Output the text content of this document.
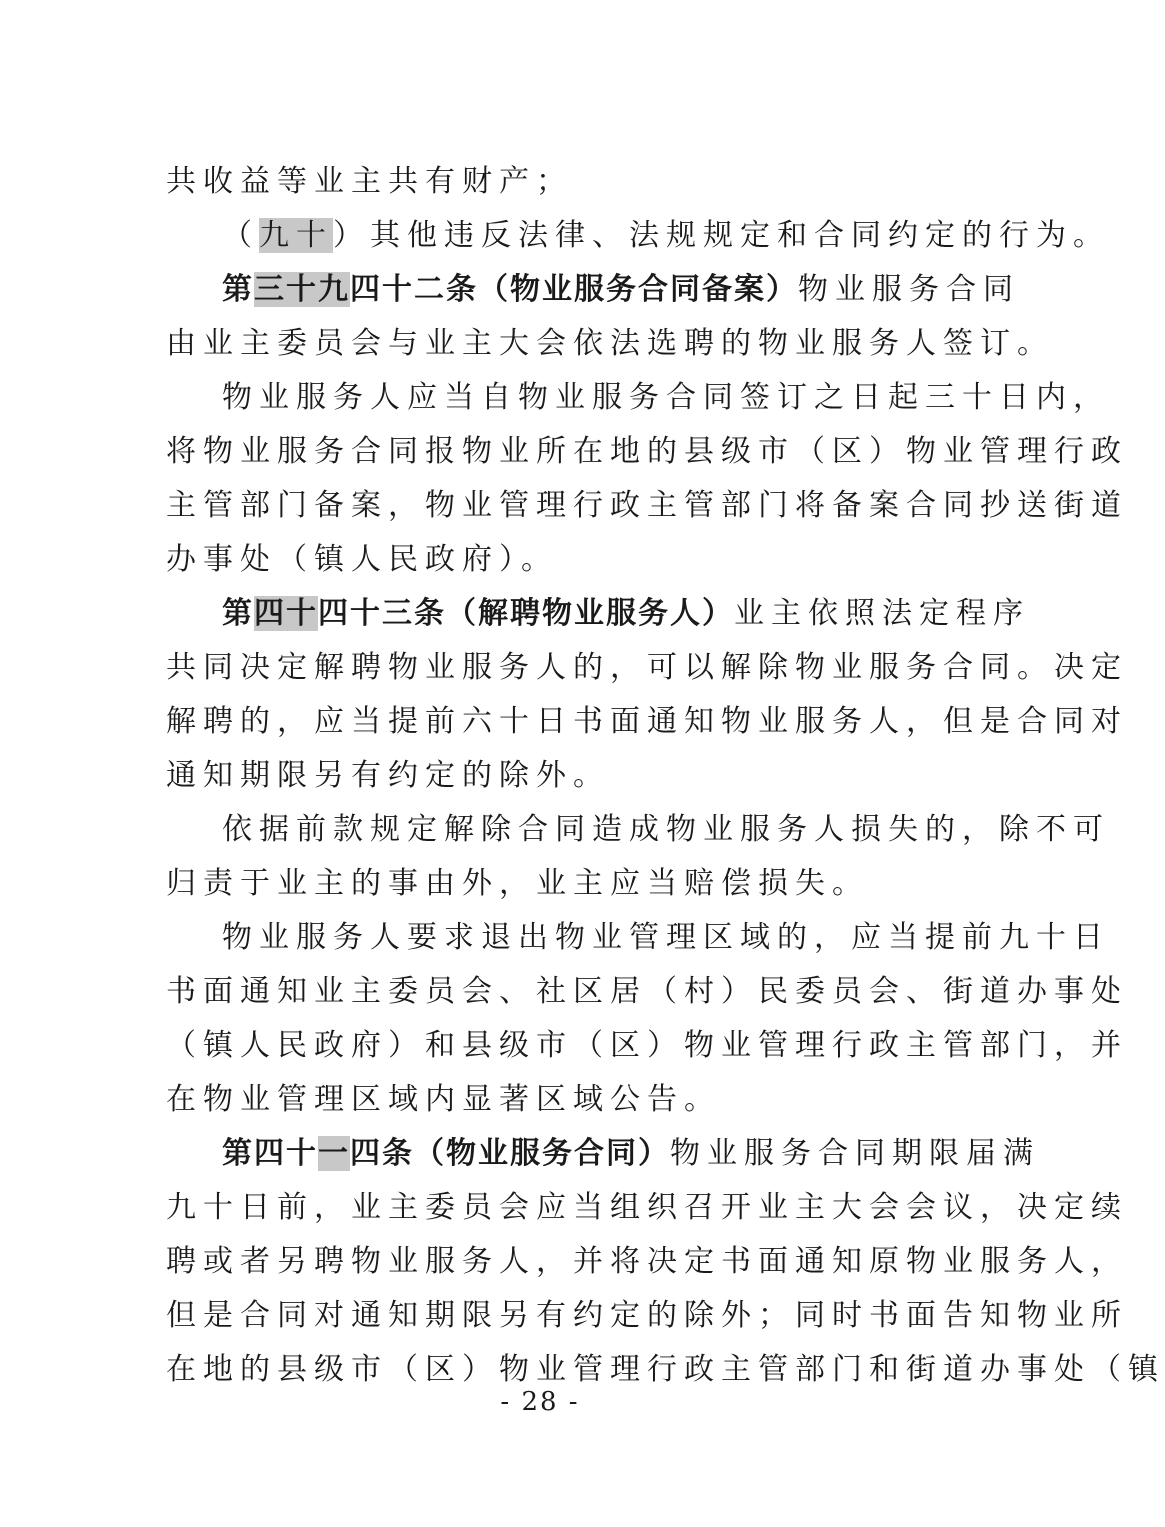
共收益等业主共有财产；
（九十）其他违反法律、法规规定和合同约定的行为。
第三十九四十二条（物业服务合同备案）物业服务合同
由业主委员会与业主大会依法选聘的物业服务人签订。
物业服务人应当自物业服务合同签订之日起三十日内，
将物业服务合同报物业所在地的县级市（区）物业管理行政
主管部门备案，物业管理行政主管部门将备案合同抄送街道
办事处（镇人民政府）。
第四十四十三条（解聘物业服务人）业主依照法定程序
共同决定解聘物业服务人的，可以解除物业服务合同。决定
解聘的，应当提前六十日书面通知物业服务人，但是合同对
通知期限另有约定的除外。
依据前款规定解除合同造成物业服务人损失的，除不可
归责于业主的事由外，业主应当赔偿损失。
物业服务人要求退出物业管理区域的，应当提前九十日
书面通知业主委员会、社区居（村）民委员会、街道办事处
（镇人民政府）和县级市（区）物业管理行政主管部门，并
在物业管理区域内显著区域公告。
第四十一四条（物业服务合同）物业服务合同期限届满
九十日前，业主委员会应当组织召开业主大会会议，决定续
聘或者另聘物业服务人，并将决定书面通知原物业服务人，
但是合同对通知期限另有约定的除外；同时书面告知物业所
在地的县级市（区）物业管理行政主管部门和街道办事处（镇
- 28 -
